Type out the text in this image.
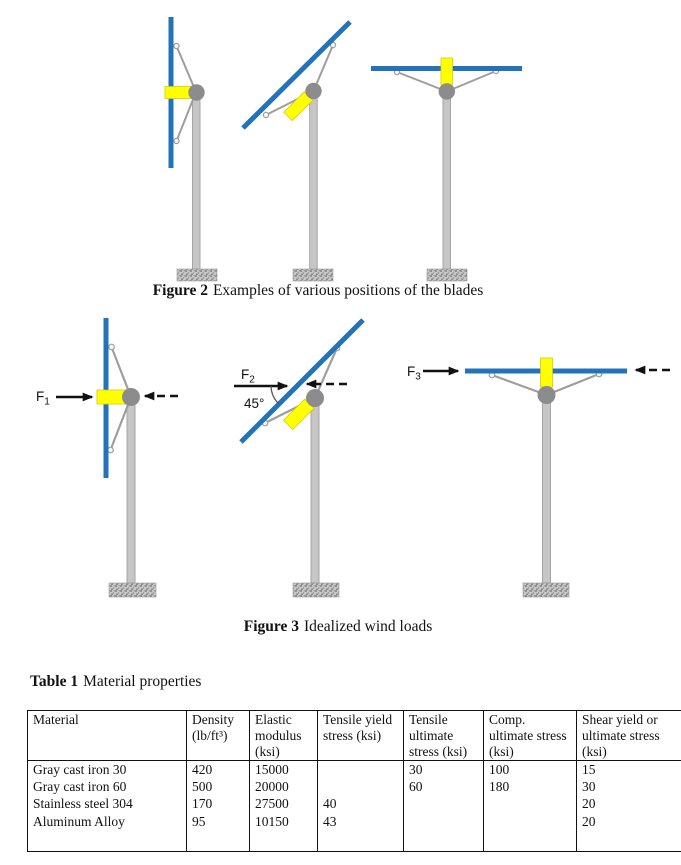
Figure 2 Examples of various positions of the blades
$F_1$
$F_2$
45°
$F_3$
Figure 3 Idealized wind loads
Table 1 Material properties
Material	Density (lb/ft³)	Elastic modulus (ksi)	Tensile yield stress (ksi)	Tensile ultimate stress (ksi)	Comp. ultimate stress (ksi)	Shear yield or ultimate stress (ksi)
Gray cast iron 30	420	15000		30	100	15
Gray cast iron 60	500	20000		60	180	30
Stainless steel 304	170	27500	40			20
Aluminum Alloy	95	10150	43			20
